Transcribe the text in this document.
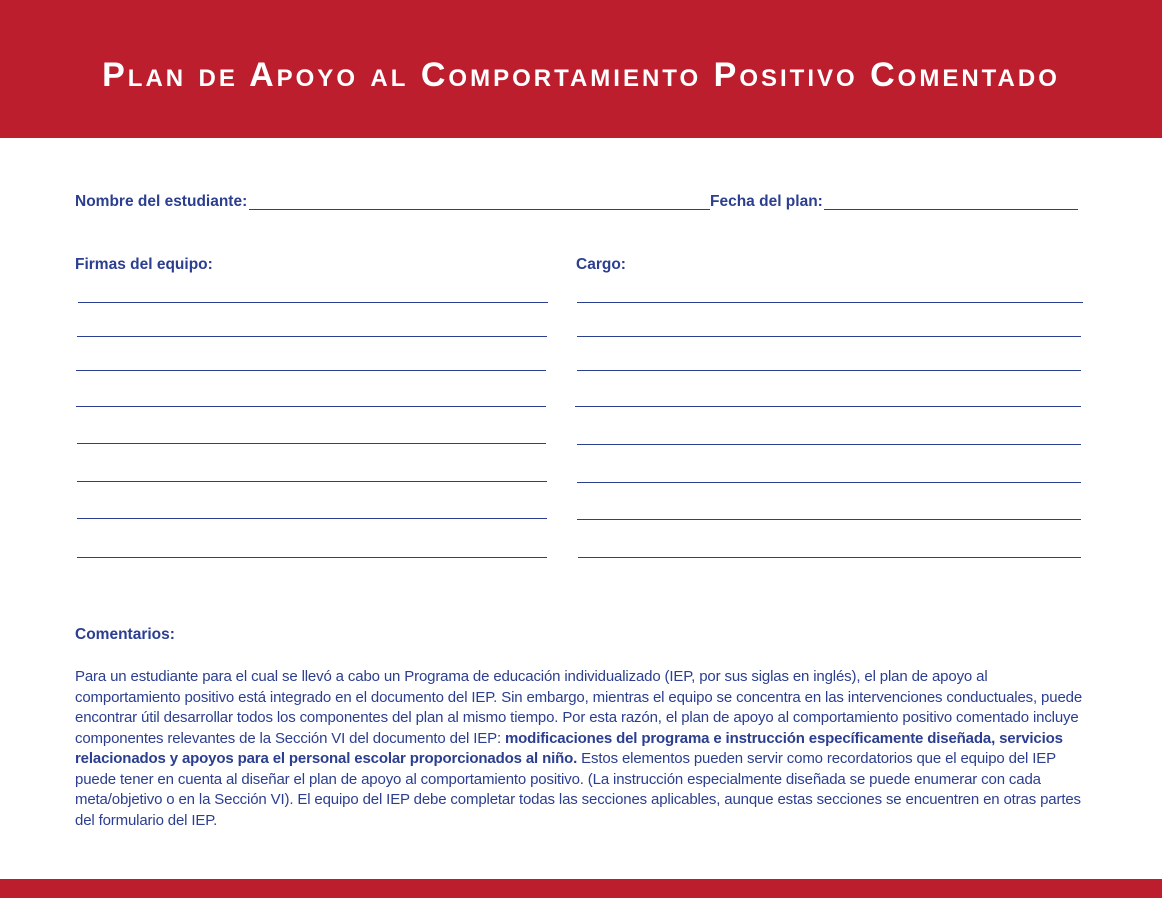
Plan de Apoyo al Comportamiento Positivo Comentado
Nombre del estudiante:	Fecha del plan:
Firmas del equipo:	Cargo:
Comentarios:
Para un estudiante para el cual se llevó a cabo un Programa de educación individualizado (IEP, por sus siglas en inglés), el plan de apoyo al comportamiento positivo está integrado en el documento del IEP. Sin embargo, mientras el equipo se concentra en las intervenciones conductuales, puede encontrar útil desarrollar todos los componentes del plan al mismo tiempo. Por esta razón, el plan de apoyo al comportamiento positivo comentado incluye componentes relevantes de la Sección VI del documento del IEP: modificaciones del programa e instrucción específicamente diseñada, servicios relacionados y apoyos para el personal escolar proporcionados al niño. Estos elementos pueden servir como recordatorios que el equipo del IEP puede tener en cuenta al diseñar el plan de apoyo al comportamiento positivo. (La instrucción especialmente diseñada se puede enumerar con cada meta/objetivo o en la Sección VI). El equipo del IEP debe completar todas las secciones aplicables, aunque estas secciones se encuentren en otras partes del formulario del IEP.
